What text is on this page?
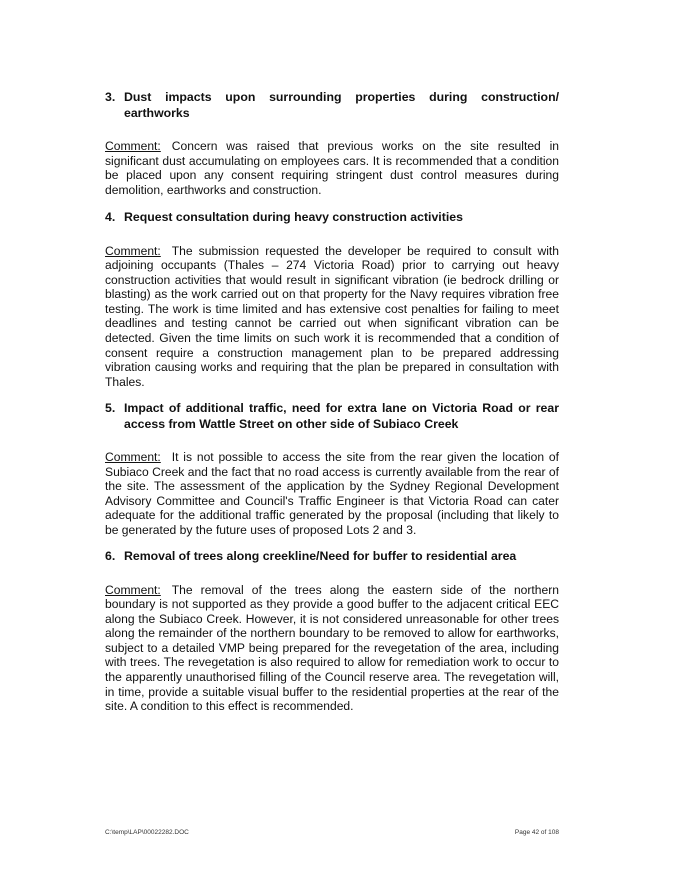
3. Dust impacts upon surrounding properties during construction/ earthworks

Comment: Concern was raised that previous works on the site resulted in significant dust accumulating on employees cars. It is recommended that a condition be placed upon any consent requiring stringent dust control measures during demolition, earthworks and construction.

4. Request consultation during heavy construction activities

Comment: The submission requested the developer be required to consult with adjoining occupants (Thales – 274 Victoria Road) prior to carrying out heavy construction activities that would result in significant vibration (ie bedrock drilling or blasting) as the work carried out on that property for the Navy requires vibration free testing. The work is time limited and has extensive cost penalties for failing to meet deadlines and testing cannot be carried out when significant vibration can be detected. Given the time limits on such work it is recommended that a condition of consent require a construction management plan to be prepared addressing vibration causing works and requiring that the plan be prepared in consultation with Thales.

5. Impact of additional traffic, need for extra lane on Victoria Road or rear access from Wattle Street on other side of Subiaco Creek

Comment: It is not possible to access the site from the rear given the location of Subiaco Creek and the fact that no road access is currently available from the rear of the site. The assessment of the application by the Sydney Regional Development Advisory Committee and Council's Traffic Engineer is that Victoria Road can cater adequate for the additional traffic generated by the proposal (including that likely to be generated by the future uses of proposed Lots 2 and 3.

6. Removal of trees along creekline/Need for buffer to residential area

Comment: The removal of the trees along the eastern side of the northern boundary is not supported as they provide a good buffer to the adjacent critical EEC along the Subiaco Creek. However, it is not considered unreasonable for other trees along the remainder of the northern boundary to be removed to allow for earthworks, subject to a detailed VMP being prepared for the revegetation of the area, including with trees. The revegetation is also required to allow for remediation work to occur to the apparently unauthorised filling of the Council reserve area. The revegetation will, in time, provide a suitable visual buffer to the residential properties at the rear of the site. A condition to this effect is recommended.

C:\temp\LAP\00022282.DOC	Page 42 of 108
